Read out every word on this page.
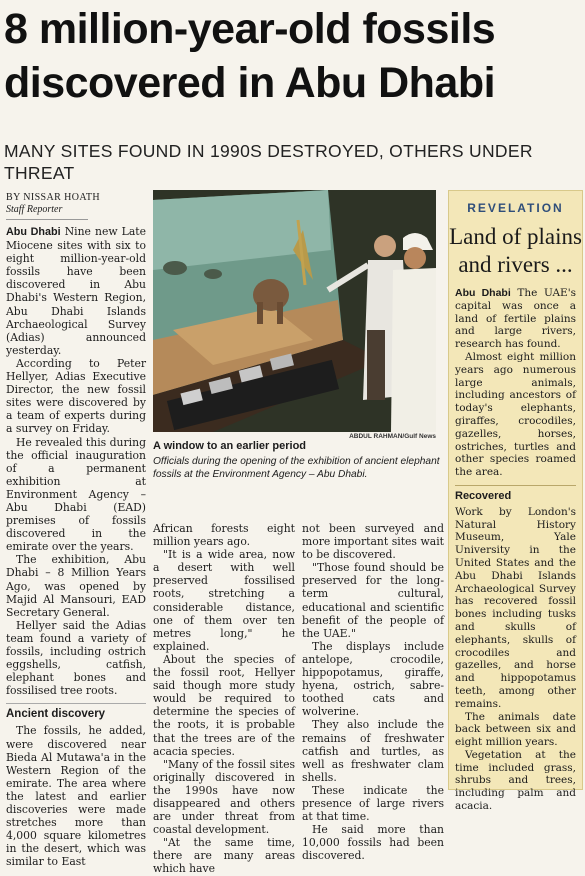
8 million-year-old fossils discovered in Abu Dhabi

MANY SITES FOUND IN 1990S DESTROYED, OTHERS UNDER THREAT

BY NISSAR HOATH
Staff Reporter

Abu Dhabi Nine new Late Miocene sites with six to eight million-year-old fossils have been discovered in Abu Dhabi's Western Region, Abu Dhabi Islands Archaeological Survey (Adias) announced yesterday.

According to Peter Hellyer, Adias Executive Director, the new fossil sites were discovered by a team of experts during a survey on Friday.

He revealed this during the official inauguration of a permanent exhibition at Environment Agency – Abu Dhabi (EAD) premises of fossils discovered in the emirate over the years.

The exhibition, Abu Dhabi – 8 Million Years Ago, was opened by Majid Al Mansouri, EAD Secretary General.

Hellyer said the Adias team found a variety of fossils, including ostrich eggshells, catfish, elephant bones and fossilised tree roots.

Ancient discovery

The fossils, he added, were discovered near Bieda Al Mutawa'a in the Western Region of the emirate. The area where the latest and earlier discoveries were made stretches more than 4,000 square kilometres in the desert, which was similar to East

ABDUL RAHMAN/Gulf News

A window to an earlier period

Officials during the opening of the exhibition of ancient elephant fossils at the Environment Agency – Abu Dhabi.

African forests eight million years ago.

"It is a wide area, now a desert with well preserved fossilised roots, stretching a considerable distance, one of them over ten metres long," he explained.

About the species of the fossil root, Hellyer said though more study would be required to determine the species of the roots, it is probable that the trees are of the acacia species.

"Many of the fossil sites originally discovered in the 1990s have now disappeared and others are under threat from coastal development.

"At the same time, there are many areas which have

not been surveyed and more important sites wait to be discovered.

"Those found should be preserved for the long-term cultural, educational and scientific benefit of the people of the UAE."

The displays include antelope, crocodile, hippopotamus, giraffe, hyena, ostrich, sabre-toothed cats and wolverine.

They also include the remains of freshwater catfish and turtles, as well as freshwater clam shells.

These indicate the presence of large rivers at that time.

He said more than 10,000 fossils had been discovered.

REVELATION
Land of plains and rivers ...

Abu Dhabi The UAE's capital was once a land of fertile plains and large rivers, research has found.

Almost eight million years ago numerous large animals, including ancestors of today's elephants, giraffes, crocodiles, gazelles, horses, ostriches, turtles and other species roamed the area.

Recovered

Work by London's Natural History Museum, Yale University in the United States and the Abu Dhabi Islands Archaeological Survey has recovered fossil bones including tusks and skulls of elephants, skulls of crocodiles and gazelles, and horse and hippopotamus teeth, among other remains.

The animals date back between six and eight million years.

Vegetation at the time included grass, shrubs and trees, including palm and acacia.
